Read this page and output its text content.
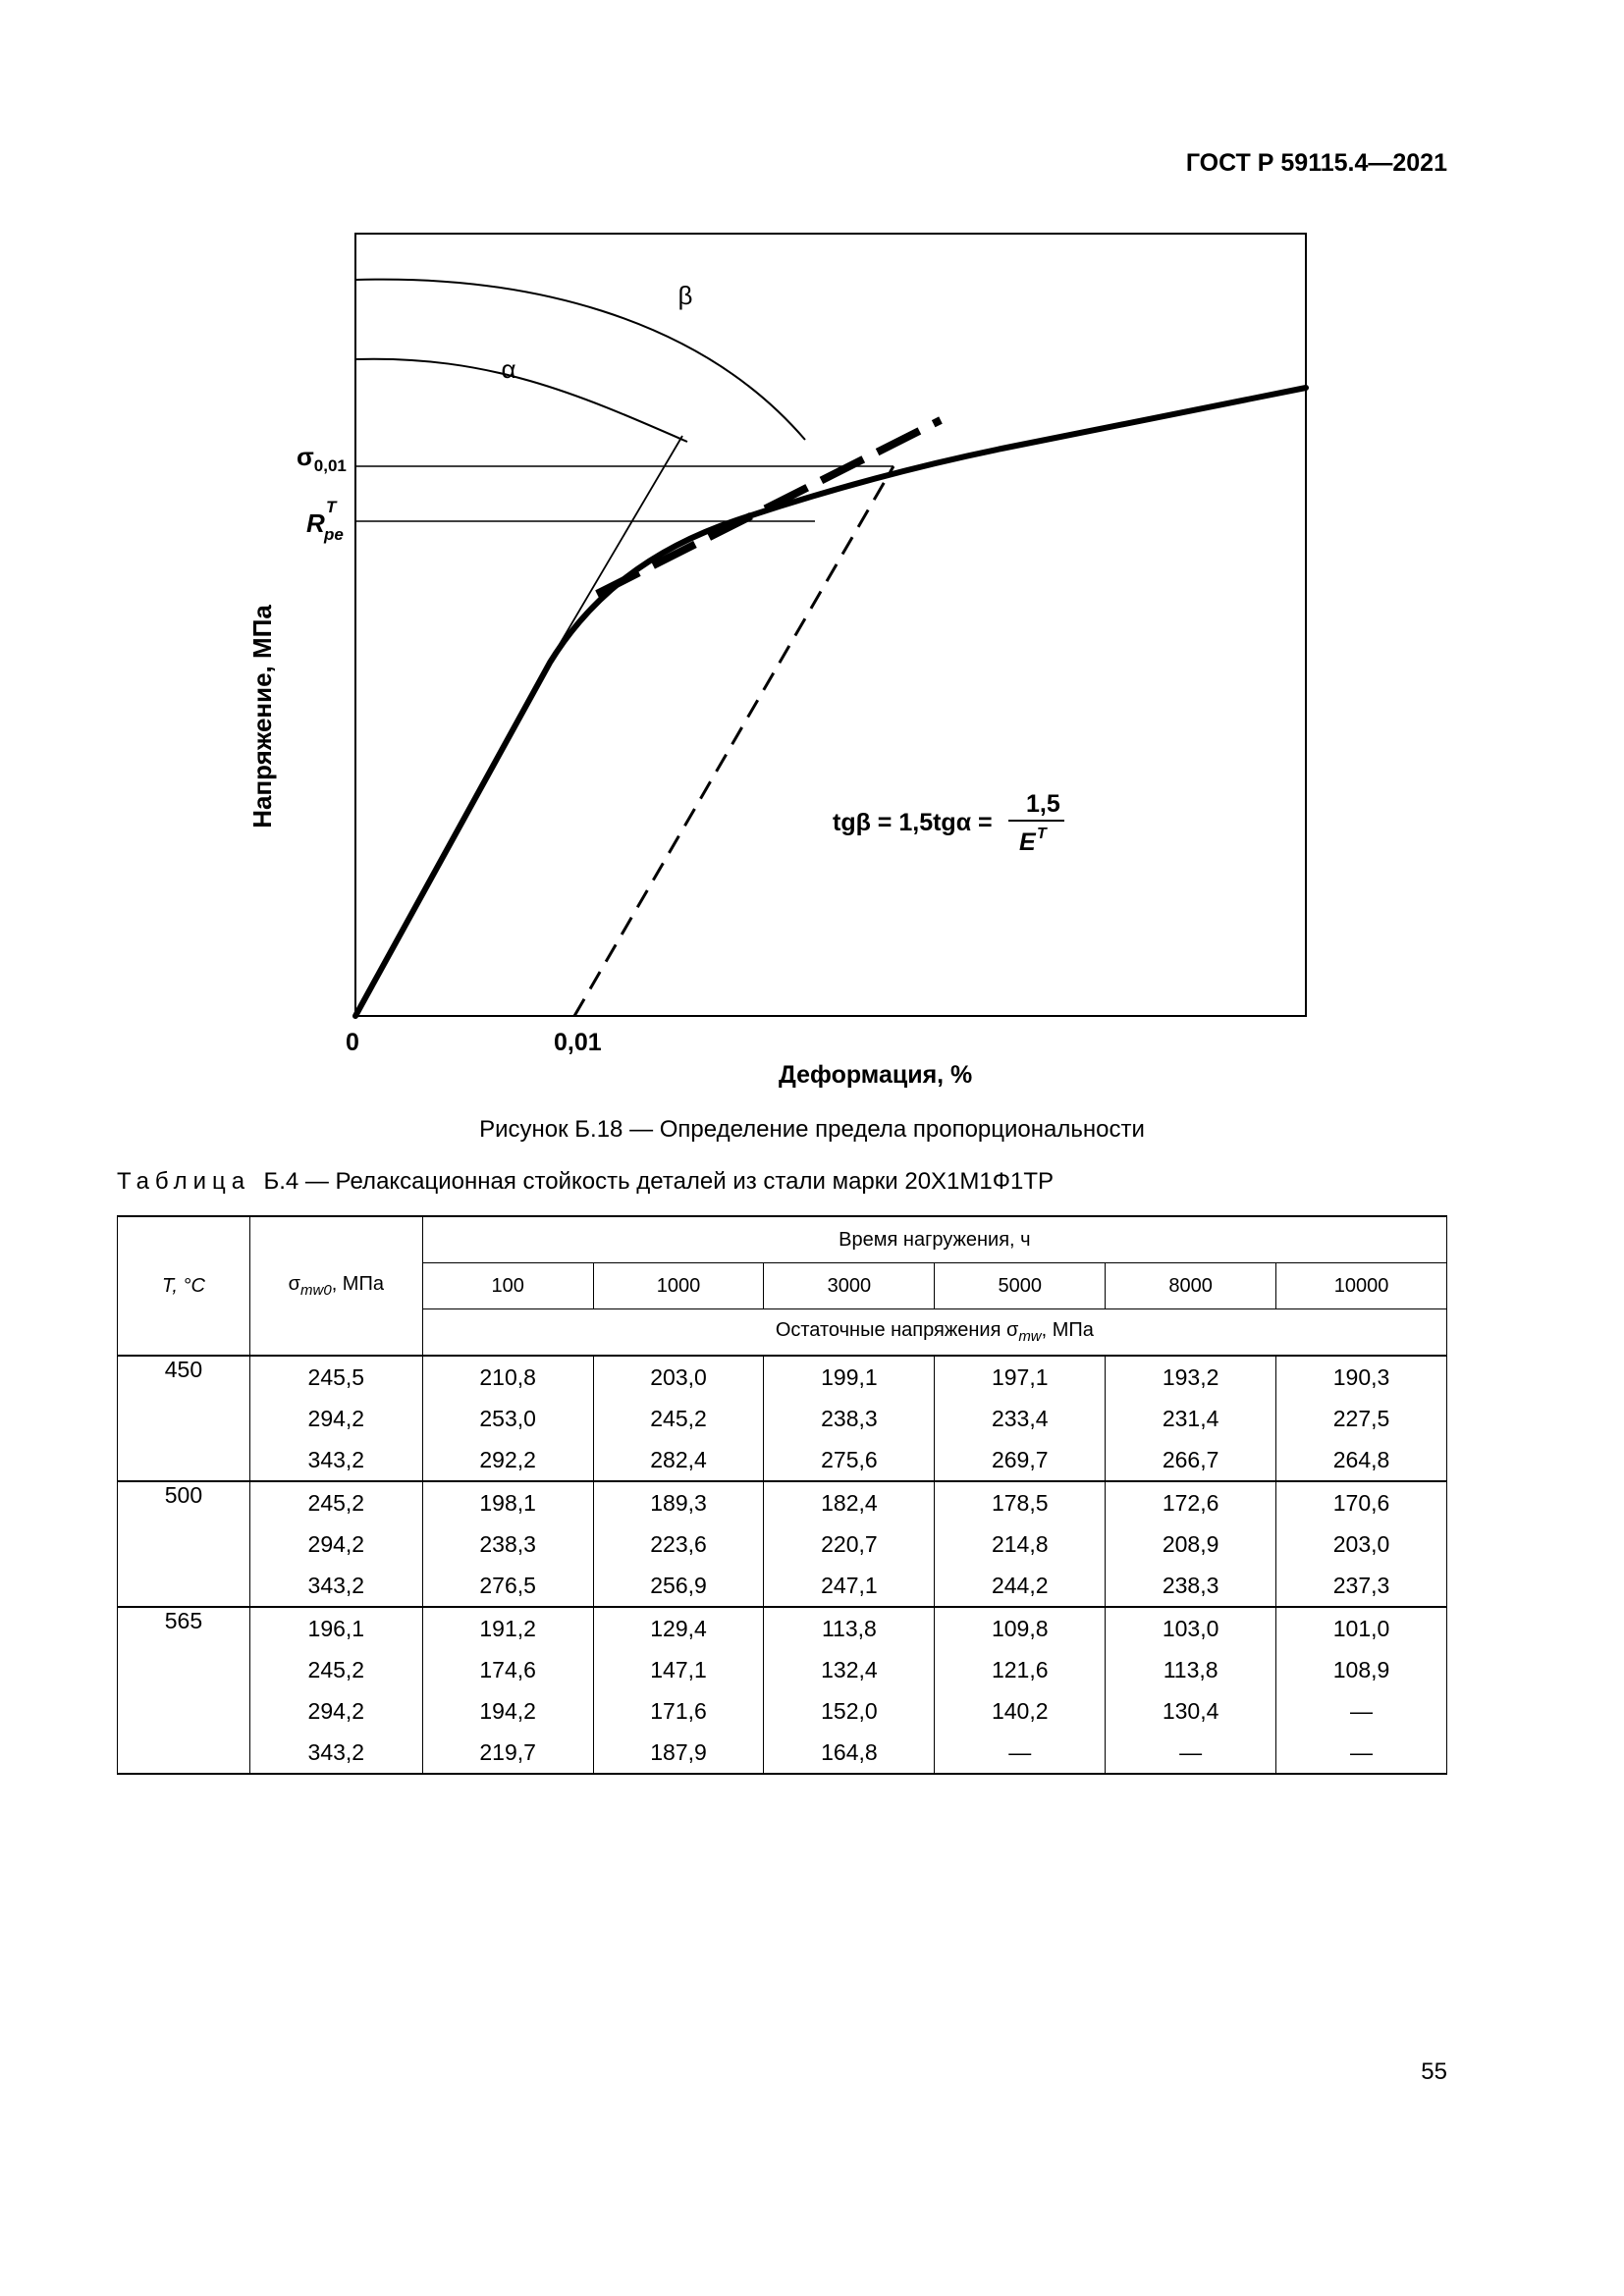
ГОСТ Р 59115.4—2021
β
α
$\sigma_{0,01}$
T
R pe
Напряжение, МПа
0	0,01
Деформация, %
tgβ = 1,5tgα =
1,5
E T
Рисунок Б.18 — Определение предела пропорциональности
Таблица Б.4 — Релаксационная стойкость деталей из стали марки 20Х1М1Ф1ТР
T, °C	$\sigma_{mw0}$, МПа	Время нагружения, ч					
		100	1000	3000	5000	8000	10000
		Остаточные напряжения $\sigma_{mw}$, МПа					
450	245,5	210,8	203,0	199,1	197,1	193,2	190,3
	294,2	253,0	245,2	238,3	233,4	231,4	227,5
	343,2	292,2	282,4	275,6	269,7	266,7	264,8
500	245,2	198,1	189,3	182,4	178,5	172,6	170,6
	294,2	238,3	223,6	220,7	214,8	208,9	203,0
	343,2	276,5	256,9	247,1	244,2	238,3	237,3
565	196,1	191,2	129,4	113,8	109,8	103,0	101,0
	245,2	174,6	147,1	132,4	121,6	113,8	108,9
	294,2	194,2	171,6	152,0	140,2	130,4	—
	343,2	219,7	187,9	164,8	—	—	—
55
